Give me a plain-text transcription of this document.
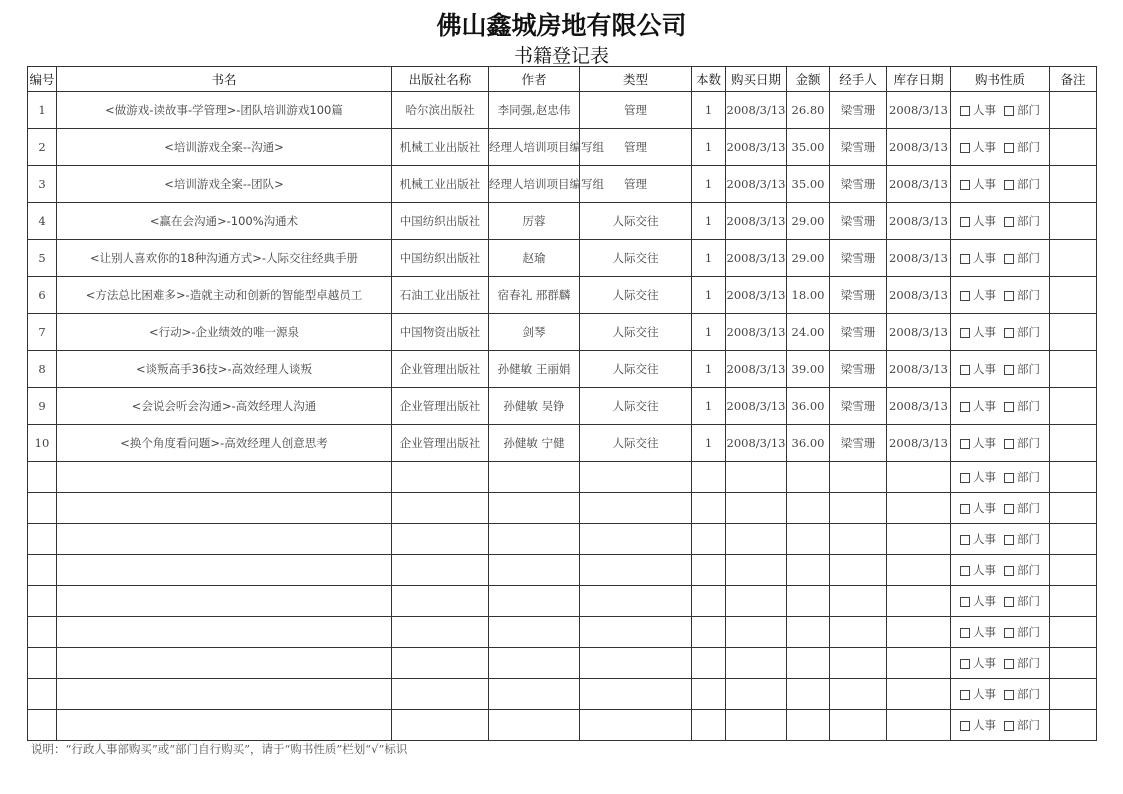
佛山鑫城房地有限公司
书籍登记表
编号	书名	出版社名称	作者	类型	本数	购买日期	金额	经手人	库存日期	购书性质	备注
1	<做游戏-读故事-学管理>-团队培训游戏100篇	哈尔滨出版社	李同强,赵忠伟	管理	1	2008/3/13	26.80	梁雪珊	2008/3/13	人事 部门	
2	<培训游戏全案--沟通>	机械工业出版社	经理人培训项目编写组	管理	1	2008/3/13	35.00	梁雪珊	2008/3/13	人事 部门	
3	<培训游戏全案--团队>	机械工业出版社	经理人培训项目编写组	管理	1	2008/3/13	35.00	梁雪珊	2008/3/13	人事 部门	
4	<赢在会沟通>-100%沟通术	中国纺织出版社	厉蓉	人际交往	1	2008/3/13	29.00	梁雪珊	2008/3/13	人事 部门	
5	<让别人喜欢你的18种沟通方式>-人际交往经典手册	中国纺织出版社	赵瑜	人际交往	1	2008/3/13	29.00	梁雪珊	2008/3/13	人事 部门	
6	<方法总比困难多>-造就主动和创新的智能型卓越员工	石油工业出版社	宿春礼 邢群麟	人际交往	1	2008/3/13	18.00	梁雪珊	2008/3/13	人事 部门	
7	<行动>-企业绩效的唯一源泉	中国物资出版社	剑琴	人际交往	1	2008/3/13	24.00	梁雪珊	2008/3/13	人事 部门	
8	<谈叛高手36技>-高效经理人谈叛	企业管理出版社	孙健敏 王丽娟	人际交往	1	2008/3/13	39.00	梁雪珊	2008/3/13	人事 部门	
9	<会说会听会沟通>-高效经理人沟通	企业管理出版社	孙健敏 吴铮	人际交往	1	2008/3/13	36.00	梁雪珊	2008/3/13	人事 部门	
10	<换个角度看问题>-高效经理人创意思考	企业管理出版社	孙健敏 宁健	人际交往	1	2008/3/13	36.00	梁雪珊	2008/3/13	人事 部门	
										人事 部门	
										人事 部门	
										人事 部门	
										人事 部门	
										人事 部门	
										人事 部门	
										人事 部门	
										人事 部门	
										人事 部门	
说明：“行政人事部购买”或“部门自行购买”，请于“购书性质”栏划“√”标识
